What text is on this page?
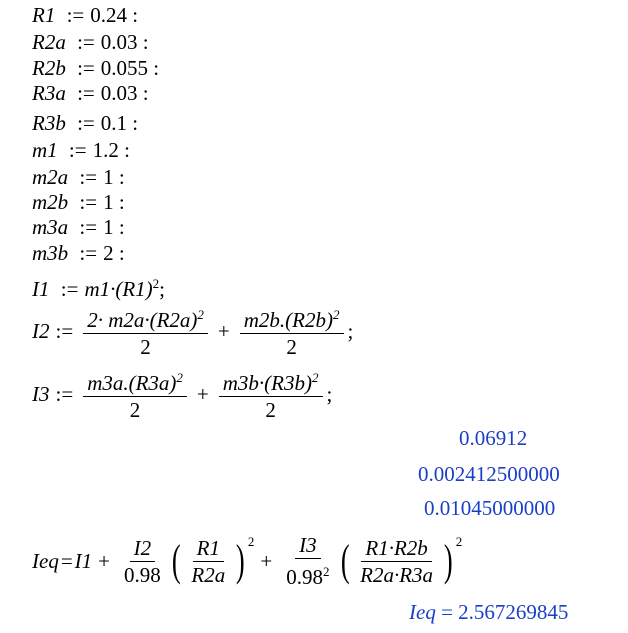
R1 := 0.24 :
R2a := 0.03 :
R2b := 0.055 :
R3a := 0.03 :
R3b := 0.1 :
m1 := 1.2 :
m2a := 1 :
m2b := 1 :
m3a := 1 :
m3b := 2 :
I1 := $m1\cdot(R1)^2$;
I2 := $\frac{2\cdot m2a\cdot(R2a)^2}{2} + \frac{m2b.(R2b)^2}{2}$ ;
I3 := $\frac{m3a.(R3a)^2}{2} + \frac{m3b\cdot(R3b)^2}{2}$ ;
0.06912
0.002412500000
0.01045000000
Ieq = $I1 + \frac{I2}{0.98}$ ( $\frac{R1}{R2a}$ ) 2
+ $\frac{I3}{0.98^2}$ ( $\frac{R1\cdot R2b}{R2a\cdot R3a}$ ) 2
Ieq = 2.567269845
